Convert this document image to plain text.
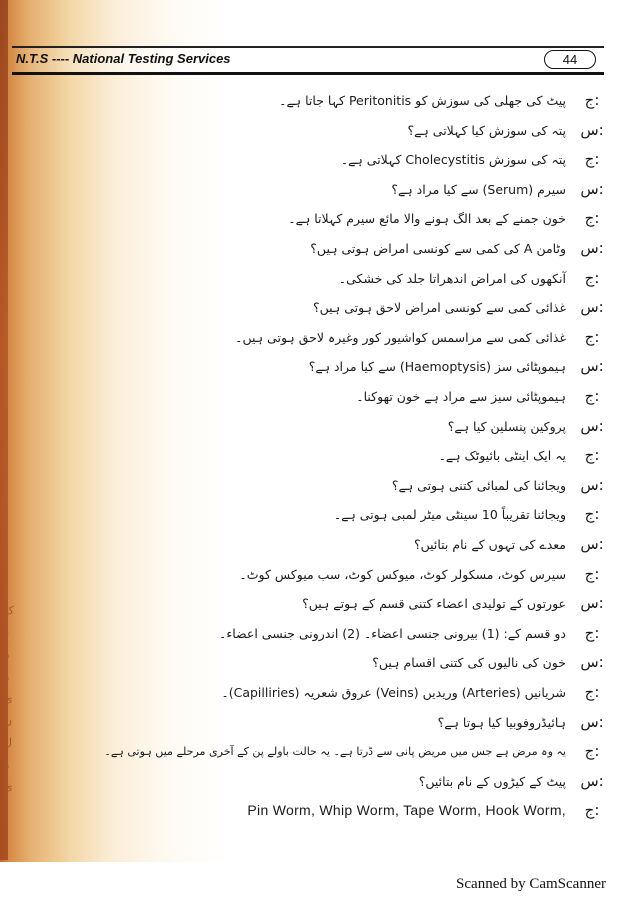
ک
ڈ
ر
و
ی
ں
ل
و
ی
N.T.S ---- National Testing Services	44
پیٹ کی جھلی کی سوزش کو Peritonitis کہا جاتا ہے۔	ج:
پتہ کی سوزش کیا کہلاتی ہے؟ س:
پتہ کی سوزش Cholecystitis کہلاتی ہے۔	ج:
سیرم (Serum) سے کیا مراد ہے؟ س:
خون جمنے کے بعد الگ ہونے والا مائع سیرم کہلاتا ہے۔	ج:
وٹامن A کی کمی سے کونسی امراض ہوتی ہیں؟ س:
آنکھوں کی امراض اندھراتا جلد کی خشکی۔	ج:
غذائی کمی سے کونسی امراض لاحق ہوتی ہیں؟ س:
غذائی کمی سے مراسمس کواشیور کور وغیرہ لاحق ہوتی ہیں۔	ج:
ہیموپٹائی سز (Haemoptysis) سے کیا مراد ہے؟ س:
ہیموپٹائی سیز سے مراد ہے خون تھوکنا۔	ج:
پروکین پنسلین کیا ہے؟ س:
یہ ایک اینٹی بائیوٹک ہے۔	ج:
ویجائنا کی لمبائی کتنی ہوتی ہے؟ س:
ویجائنا تقریباً 10 سینٹی میٹر لمبی ہوتی ہے۔	ج:
معدے کی تہوں کے نام بتائیں؟ س:
سیرس کوٹ، مسکولر کوٹ، میوکس کوٹ، سب میوکس کوٹ۔	ج:
عورتوں کے تولیدی اعضاء کتنی قسم کے ہوتے ہیں؟ س:
دو قسم کے: (1) بیرونی جنسی اعضاء۔ (2) اندرونی جنسی اعضاء۔	ج:
خون کی نالیوں کی کتنی اقسام ہیں؟ س:
شریانیں (Arteries) وریدیں (Veins) عروق شعریہ (Capilliries)۔	ج:
ہائیڈروفوبیا کیا ہوتا ہے؟ س:
یہ وہ مرض ہے جس میں مریض پانی سے ڈرتا ہے۔ یہ حالت باولے پن کے آخری مرحلے میں ہوتی ہے۔	ج:
پیٹ کے کیڑوں کے نام بتائیں؟ س:
Pin Worm, Whip Worm, Tape Worm, Hook Worm,	ج:
Scanned by CamScanner
